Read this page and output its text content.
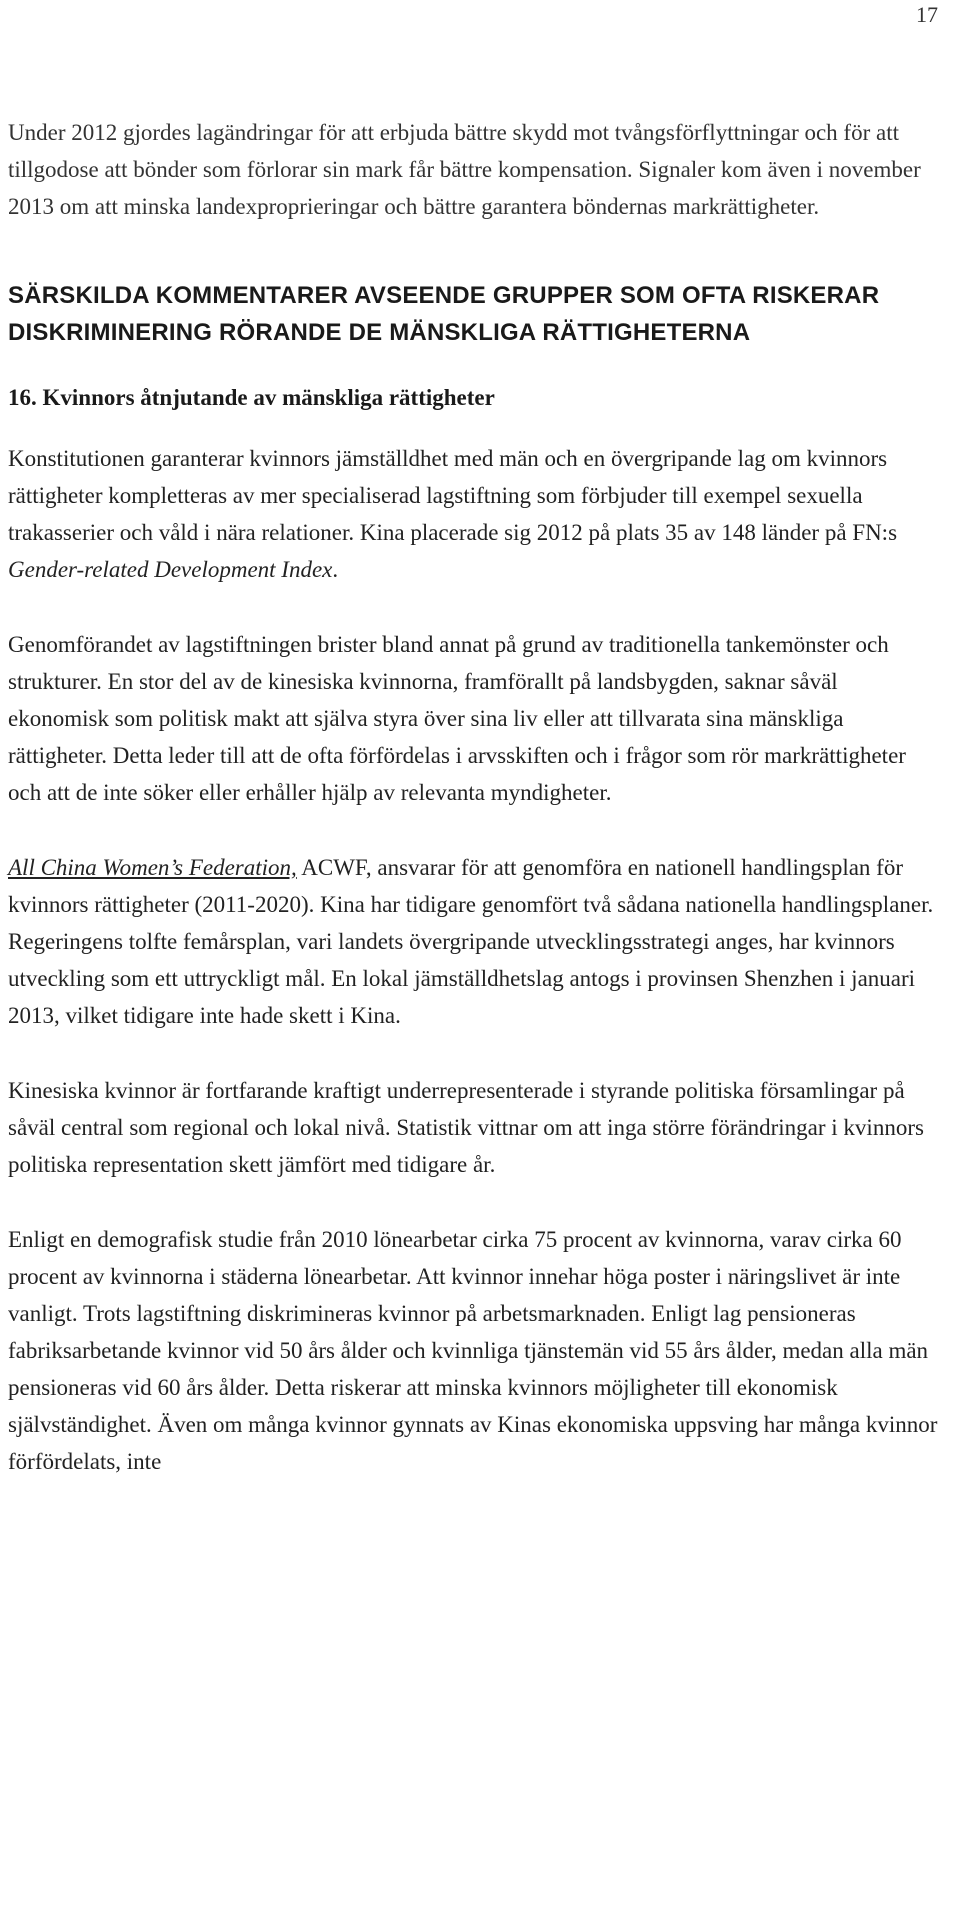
17

Under 2012 gjordes lagändringar för att erbjuda bättre skydd mot tvångsförflyttningar och för att tillgodose att bönder som förlorar sin mark får bättre kompensation. Signaler kom även i november 2013 om att minska landexproprieringar och bättre garantera böndernas markrättigheter.

SÄRSKILDA KOMMENTARER AVSEENDE GRUPPER SOM OFTA RISKERAR DISKRIMINERING RÖRANDE DE MÄNSKLIGA RÄTTIGHETERNA
16. Kvinnors åtnjutande av mänskliga rättigheter

Konstitutionen garanterar kvinnors jämställdhet med män och en övergripande lag om kvinnors rättigheter kompletteras av mer specialiserad lagstiftning som förbjuder till exempel sexuella trakasserier och våld i nära relationer. Kina placerade sig 2012 på plats 35 av 148 länder på FN:s Gender-related Development Index.

Genomförandet av lagstiftningen brister bland annat på grund av traditionella tankemönster och strukturer. En stor del av de kinesiska kvinnorna, framförallt på landsbygden, saknar såväl ekonomisk som politisk makt att själva styra över sina liv eller att tillvarata sina mänskliga rättigheter. Detta leder till att de ofta förfördelas i arvsskiften och i frågor som rör markrättigheter och att de inte söker eller erhåller hjälp av relevanta myndigheter.

All China Women’s Federation, ACWF, ansvarar för att genomföra en nationell handlingsplan för kvinnors rättigheter (2011-2020). Kina har tidigare genomfört två sådana nationella handlingsplaner. Regeringens tolfte femårsplan, vari landets övergripande utvecklingsstrategi anges, har kvinnors utveckling som ett uttryckligt mål. En lokal jämställdhetslag antogs i provinsen Shenzhen i januari 2013, vilket tidigare inte hade skett i Kina.

Kinesiska kvinnor är fortfarande kraftigt underrepresenterade i styrande politiska församlingar på såväl central som regional och lokal nivå. Statistik vittnar om att inga större förändringar i kvinnors politiska representation skett jämfört med tidigare år.

Enligt en demografisk studie från 2010 lönearbetar cirka 75 procent av kvinnorna, varav cirka 60 procent av kvinnorna i städerna lönearbetar. Att kvinnor innehar höga poster i näringslivet är inte vanligt. Trots lagstiftning diskrimineras kvinnor på arbetsmarknaden. Enligt lag pensioneras fabriksarbetande kvinnor vid 50 års ålder och kvinnliga tjänstemän vid 55 års ålder, medan alla män pensioneras vid 60 års ålder. Detta riskerar att minska kvinnors möjligheter till ekonomisk självständighet. Även om många kvinnor gynnats av Kinas ekonomiska uppsving har många kvinnor förfördelats, inte
